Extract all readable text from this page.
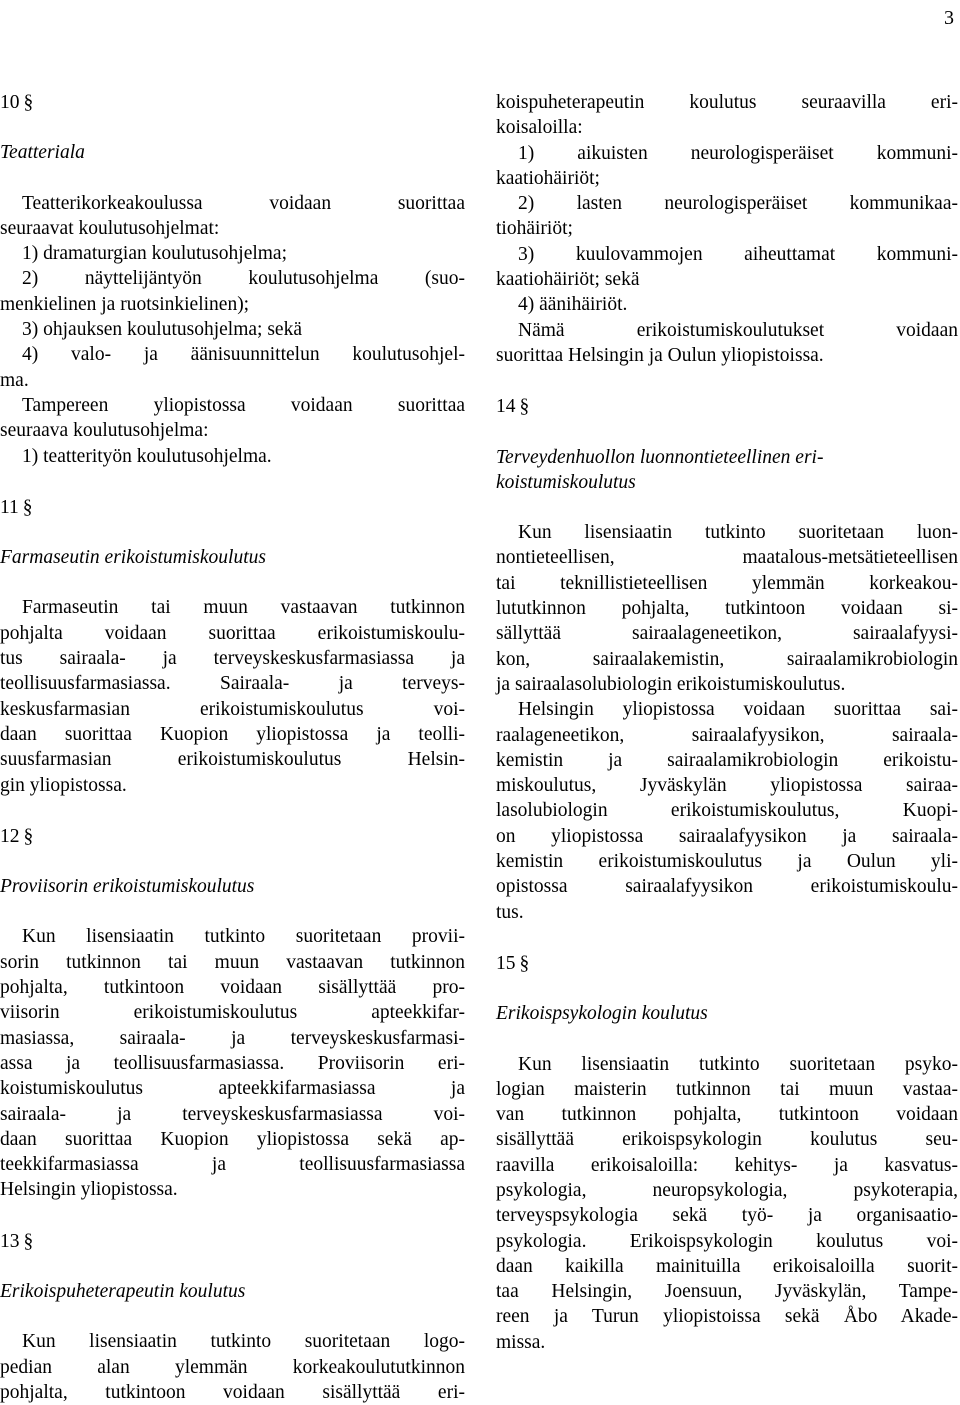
3

10 §

Teatteriala

Teatterikorkeakoulussa voidaan suorittaa
seuraavat koulutusohjelmat:
1) dramaturgian koulutusohjelma;
2) näyttelijäntyön koulutusohjelma (suo-
menkielinen ja ruotsinkielinen);
3) ohjauksen koulutusohjelma; sekä
4) valo- ja äänisuunnittelun koulutusohjel-
ma.

Tampereen yliopistossa voidaan suorittaa
seuraava koulutusohjelma:
1) teatterityön koulutusohjelma.

11 §

Farmaseutin erikoistumiskoulutus

Farmaseutin tai muun vastaavan tutkinnon
pohjalta voidaan suorittaa erikoistumiskoulu-
tus sairaala- ja terveyskeskusfarmasiassa ja
teollisuusfarmasiassa. Sairaala- ja terveys-
keskusfarmasian erikoistumiskoulutus voi-
daan suorittaa Kuopion yliopistossa ja teolli-
suusfarmasian erikoistumiskoulutus Helsin-
gin yliopistossa.

12 §

Proviisorin erikoistumiskoulutus

Kun lisensiaatin tutkinto suoritetaan provii-
sorin tutkinnon tai muun vastaavan tutkinnon
pohjalta, tutkintoon voidaan sisällyttää pro-
viisorin erikoistumiskoulutus apteekkifar-
masiassa, sairaala- ja terveyskeskusfarmasi-
assa ja teollisuusfarmasiassa. Proviisorin eri-
koistumiskoulutus apteekkifarmasiassa ja
sairaala- ja terveyskeskusfarmasiassa voi-
daan suorittaa Kuopion yliopistossa sekä ap-
teekkifarmasiassa ja teollisuusfarmasiassa
Helsingin yliopistossa.

13 §

Erikoispuheterapeutin koulutus

Kun lisensiaatin tutkinto suoritetaan logo-
pedian alan ylemmän korkeakoulututkinnon
pohjalta, tutkintoon voidaan sisällyttää eri-

koispuheterapeutin koulutus seuraavilla eri-
koisaloilla:
1) aikuisten neurologisperäiset kommuni-
kaatiohäiriöt;
2) lasten neurologisperäiset kommunikaa-
tiohäiriöt;
3) kuulovammojen aiheuttamat kommuni-
kaatiohäiriöt; sekä
4) äänihäiriöt.
Nämä erikoistumiskoulutukset voidaan
suorittaa Helsingin ja Oulun yliopistoissa.

14 §

Terveydenhuollon luonnontieteellinen eri-
koistumiskoulutus

Kun lisensiaatin tutkinto suoritetaan luon-
nontieteellisen, maatalous-metsätieteellisen
tai teknillistieteellisen ylemmän korkeakou-
lututkinnon pohjalta, tutkintoon voidaan si-
sällyttää sairaalageneetikon, sairaalafyysi-
kon, sairaalakemistin, sairaalamikrobiologin
ja sairaalasolubiologin erikoistumiskoulutus.
Helsingin yliopistossa voidaan suorittaa sai-
raalageneetikon, sairaalafyysikon, sairaala-
kemistin ja sairaalamikrobiologin erikoistu-
miskoulutus, Jyväskylän yliopistossa sairaa-
lasolubiologin erikoistumiskoulutus, Kuopi-
on yliopistossa sairaalafyysikon ja sairaala-
kemistin erikoistumiskoulutus ja Oulun yli-
opistossa sairaalafyysikon erikoistumiskoulu-
tus.

15 §

Erikoispsykologin koulutus

Kun lisensiaatin tutkinto suoritetaan psyko-
logian maisterin tutkinnon tai muun vastaa-
van tutkinnon pohjalta, tutkintoon voidaan
sisällyttää erikoispsykologin koulutus seu-
raavilla erikoisaloilla: kehitys- ja kasvatus-
psykologia, neuropsykologia, psykoterapia,
terveyspsykologia sekä työ- ja organisaatio-
psykologia. Erikoispsykologin koulutus voi-
daan kaikilla mainituilla erikoisaloilla suorit-
taa Helsingin, Joensuun, Jyväskylän, Tampe-
reen ja Turun yliopistoissa sekä Åbo Akade-
missa.
